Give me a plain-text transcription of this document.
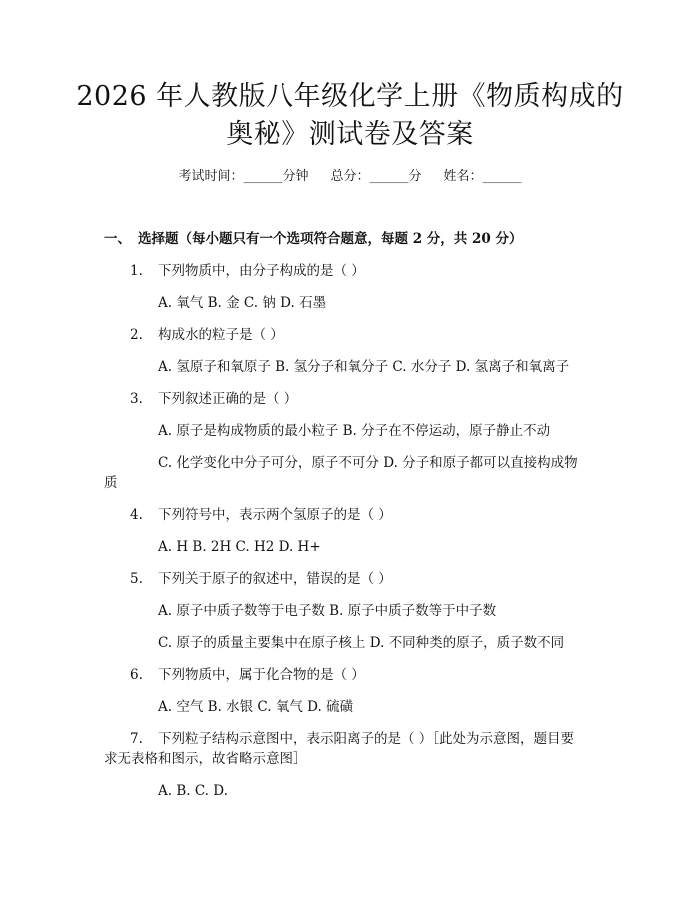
2026 年人教版八年级化学上册《物质构成的
奥秘》测试卷及答案
考试时间：______分钟 总分：______分 姓名：______
一、 选择题（每小题只有一个选项符合题意，每题 2 分，共 20 分）
1. 下列物质中，由分子构成的是（ ）
A. 氧气 B. 金 C. 钠 D. 石墨
2. 构成水的粒子是（ ）
A. 氢原子和氧原子 B. 氢分子和氧分子 C. 水分子 D. 氢离子和氧离子
3. 下列叙述正确的是（ ）
A. 原子是构成物质的最小粒子 B. 分子在不停运动，原子静止不动
C. 化学变化中分子可分，原子不可分 D. 分子和原子都可以直接构成物
质
4. 下列符号中，表示两个氢原子的是（ ）
A. H B. 2H C. H2 D. H+
5. 下列关于原子的叙述中，错误的是（ ）
A. 原子中质子数等于电子数 B. 原子中质子数等于中子数
C. 原子的质量主要集中在原子核上 D. 不同种类的原子，质子数不同
6. 下列物质中，属于化合物的是（ ）
A. 空气 B. 水银 C. 氧气 D. 硫磺
7. 下列粒子结构示意图中，表示阳离子的是（ ）［此处为示意图，题目要
求无表格和图示，故省略示意图］
A. B. C. D.
